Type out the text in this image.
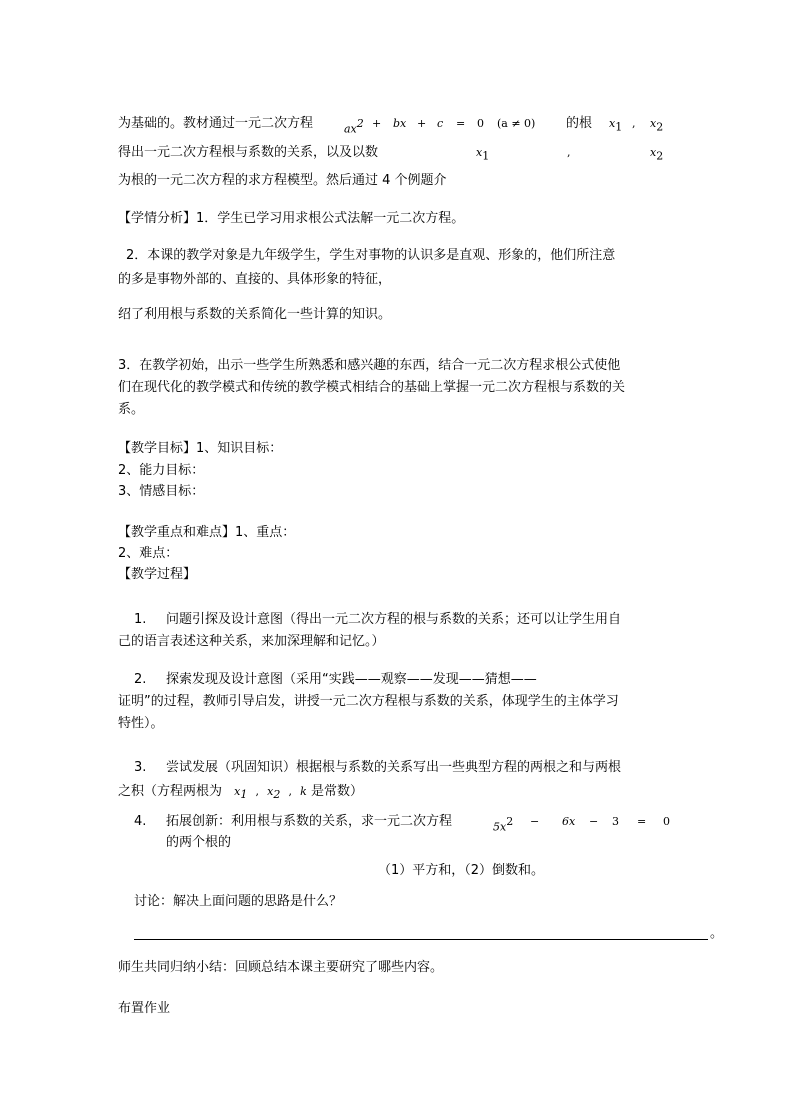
为基础的。教材通过一元二次方程	$ax^2$ + bx + c = 0 (a ≠ 0) 的根 $x_1$ , $x_2$
得出一元二次方程根与系数的关系，以及以数	$x_1$	,	$x_2$
为根的一元二次方程的求方程模型。然后通过 4 个例题介
【学情分析】1．学生已学习用求根公式法解一元二次方程。
2．本课的教学对象是九年级学生，学生对事物的认识多是直观、形象的，他们所注意
的多是事物外部的、直接的、具体形象的特征，
绍了利用根与系数的关系简化一些计算的知识。
3．在教学初始，出示一些学生所熟悉和感兴趣的东西，结合一元二次方程求根公式使他
们在现代化的教学模式和传统的教学模式相结合的基础上掌握一元二次方程根与系数的关
系。
【教学目标】1、知识目标：
2、能力目标：
3、情感目标：
【教学重点和难点】1、重点：
2、难点：
【教学过程】
1. 问题引探及设计意图（得出一元二次方程的根与系数的关系；还可以让学生用自
己的语言表述这种关系，来加深理解和记忆。）
2. 探索发现及设计意图（采用“实践——观察——发现——猜想——
证明”的过程，教师引导启发，讲授一元二次方程根与系数的关系，体现学生的主体学习
特性）。
3. 尝试发展（巩固知识）根据根与系数的关系写出一些典型方程的两根之和与两根
之积（方程两根为 $x_1$ , $x_2$ , k 是常数）
4. 拓展创新：利用根与系数的关系，求一元二次方程	$5x^2 - 6x - 3 = 0$
的两个根的
（1）平方和，（2）倒数和。
讨论：解决上面问题的思路是什么？
。
师生共同归纳小结：回顾总结本课主要研究了哪些内容。
布置作业
